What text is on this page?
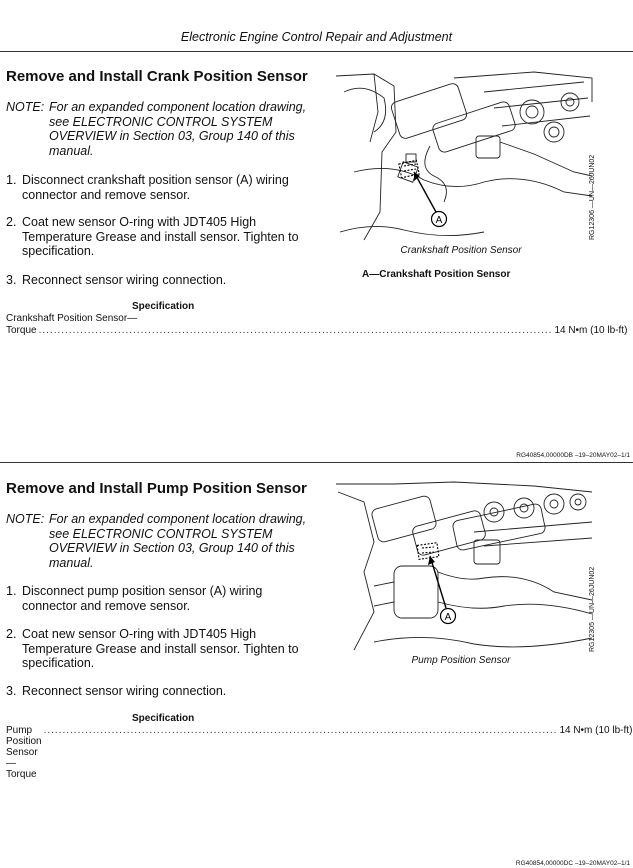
Electronic Engine Control Repair and Adjustment
Remove and Install Crank Position Sensor
NOTE: For an expanded component location drawing, see ELECTRONIC CONTROL SYSTEM OVERVIEW in Section 03, Group 140 of this manual.
1. Disconnect crankshaft position sensor (A) wiring connector and remove sensor.
2. Coat new sensor O-ring with JDT405 High Temperature Grease and install sensor. Tighten to specification.
3. Reconnect sensor wiring connection.
Specification
Crankshaft Position Sensor—
Torque ........................................................................................................................................ 14 N•m (10 lb-ft)
A
Crankshaft Position Sensor
RG12306 —UN—26JUN02
A—Crankshaft Position Sensor
RG40854,00000DB –19–20MAY02–1/1
Remove and Install Pump Position Sensor
NOTE: For an expanded component location drawing, see ELECTRONIC CONTROL SYSTEM OVERVIEW in Section 03, Group 140 of this manual.
1. Disconnect pump position sensor (A) wiring connector and remove sensor.
2. Coat new sensor O-ring with JDT405 High Temperature Grease and install sensor. Tighten to specification.
3. Reconnect sensor wiring connection.
Specification
Pump Position Sensor—Torque
........................................................................................................................................ 14 N•m (10 lb-ft)
A
Pump Position Sensor
RG12305 —UN—26JUN02
RG40854,00000DC –19–20MAY02–1/1
